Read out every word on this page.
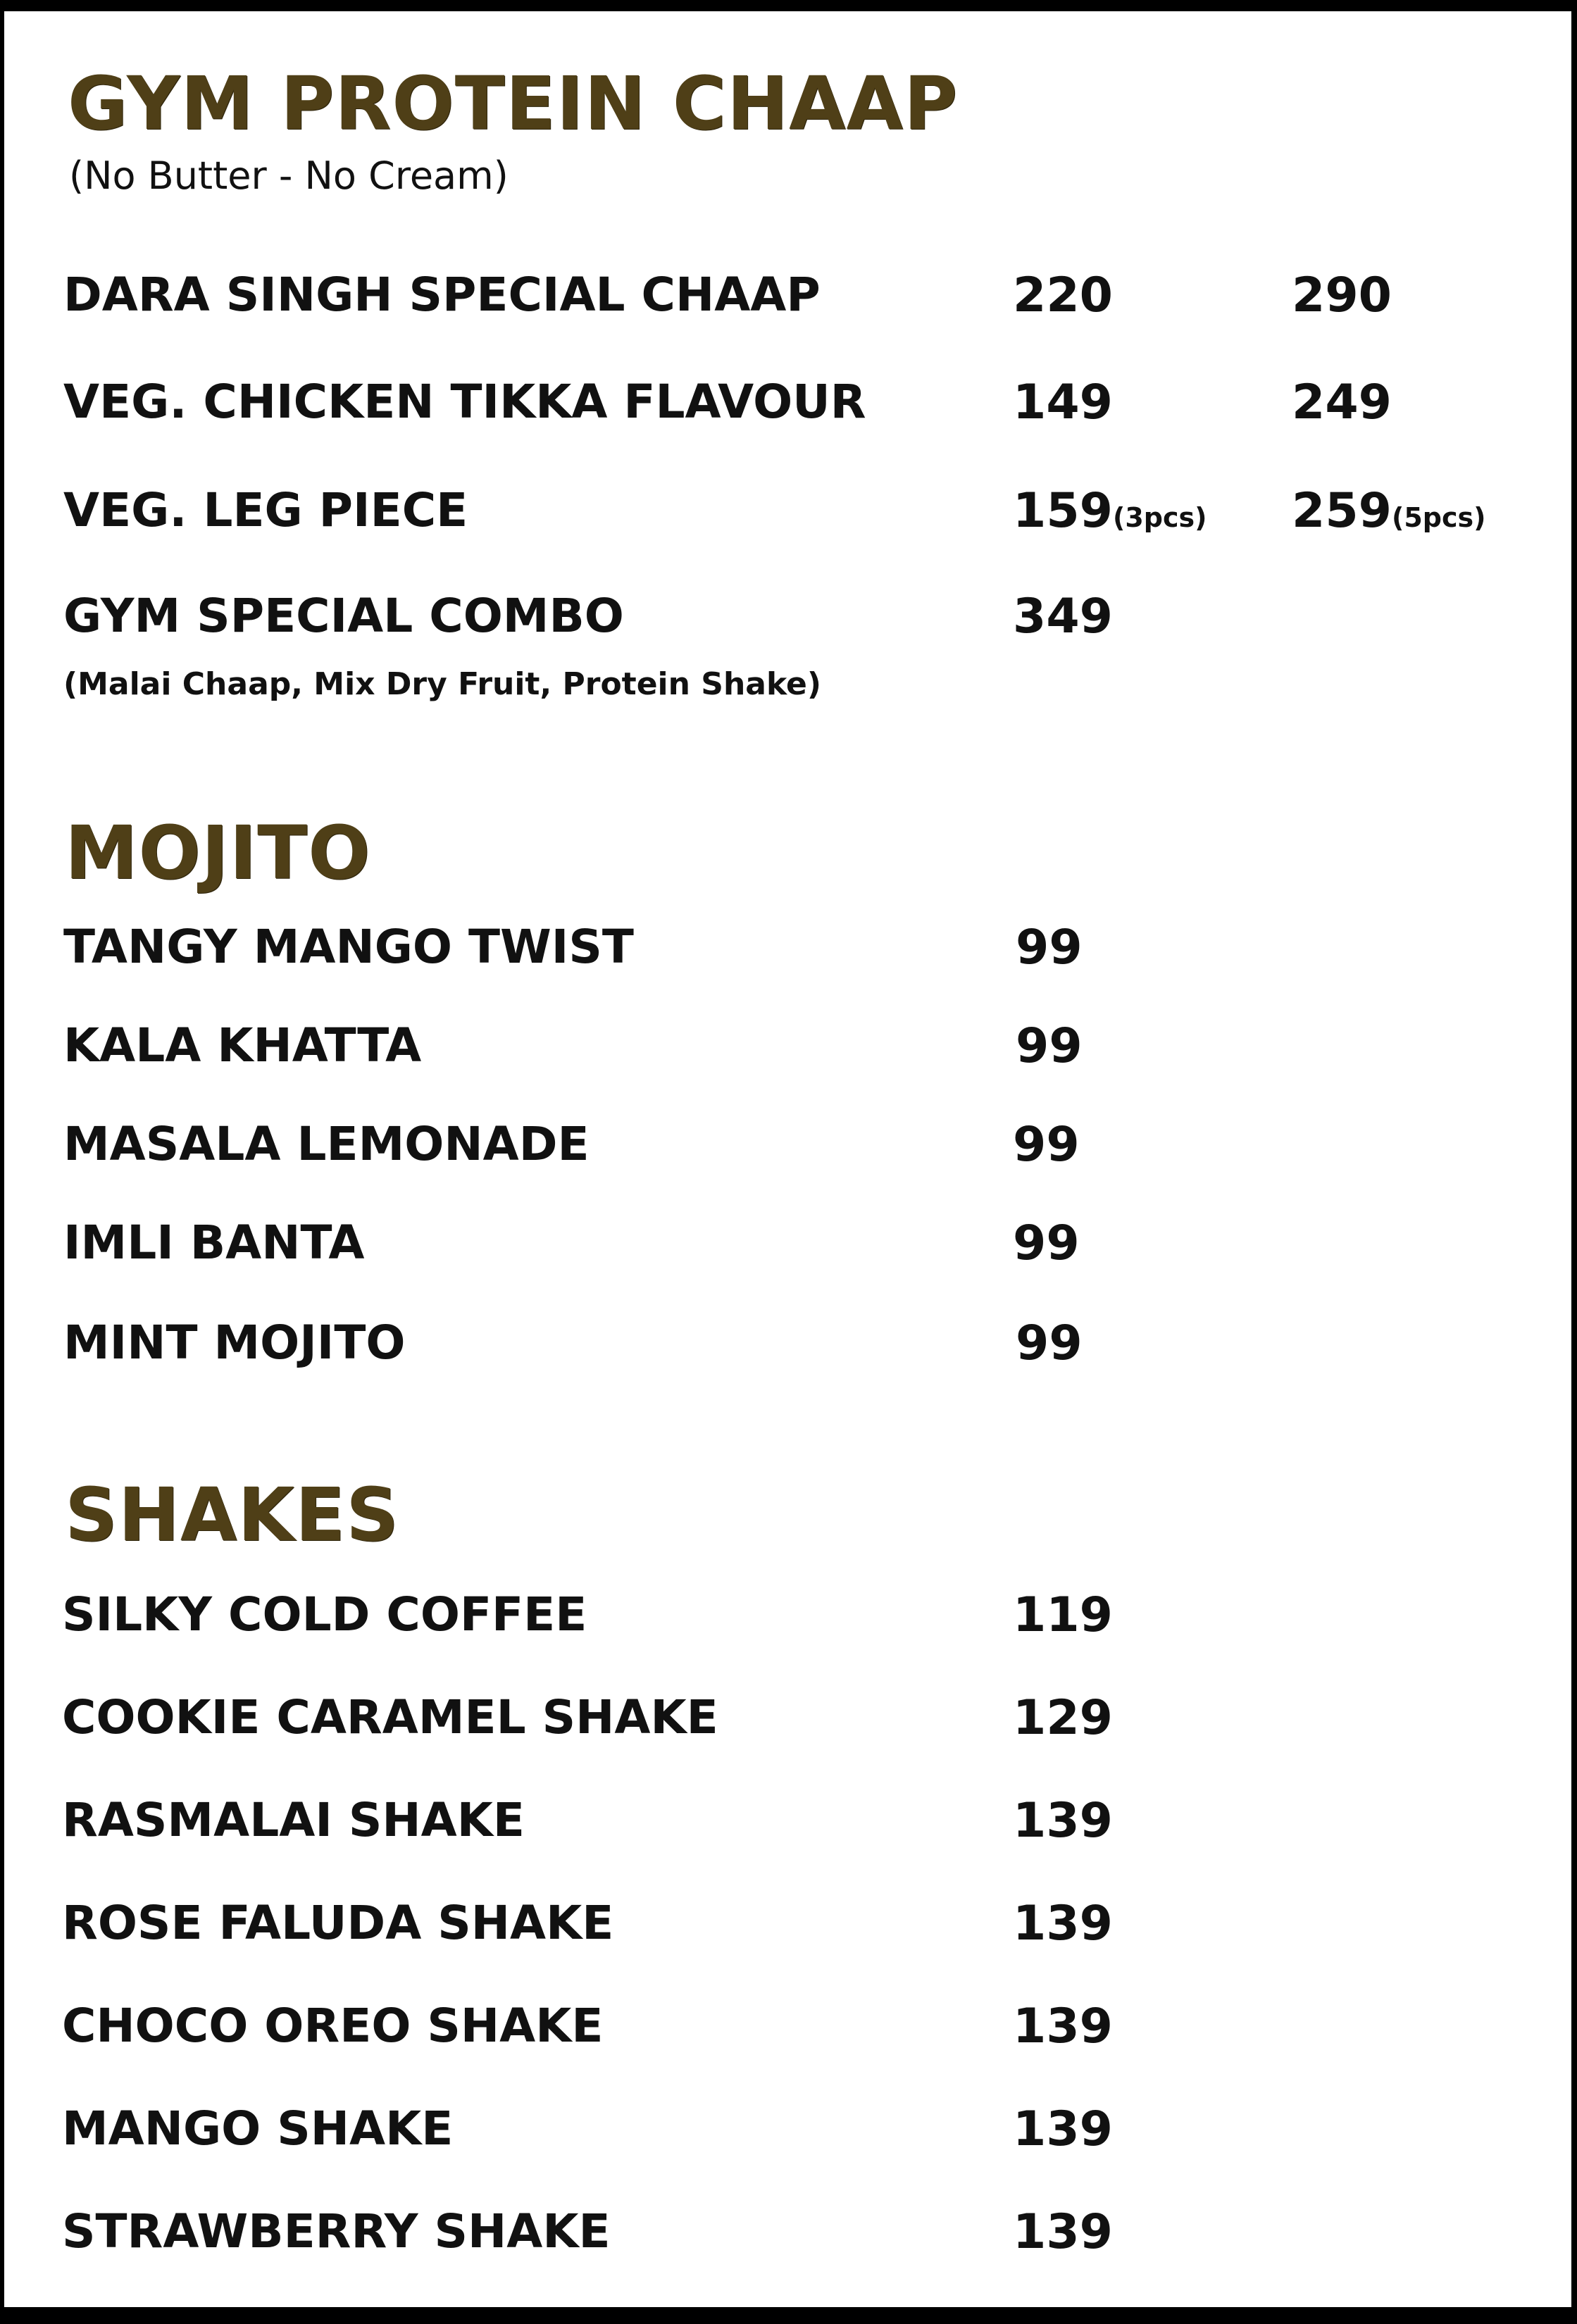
GYM PROTEIN CHAAP
(No Butter - No Cream)
DARA SINGH SPECIAL CHAAP	220	290
VEG. CHICKEN TIKKA FLAVOUR	149	249
VEG. LEG PIECE	159(3pcs) 259(5pcs)
GYM SPECIAL COMBO	349
(Malai Chaap, Mix Dry Fruit, Protein Shake)
MOJITO
TANGY MANGO TWIST	99
KALA KHATTA	99
MASALA LEMONADE	99
IMLI BANTA	99
MINT MOJITO	99
SHAKES
SILKY COLD COFFEE	119
COOKIE CARAMEL SHAKE	129
RASMALAI SHAKE	139
ROSE FALUDA SHAKE	139
CHOCO OREO SHAKE	139
MANGO SHAKE	139
STRAWBERRY SHAKE	139
